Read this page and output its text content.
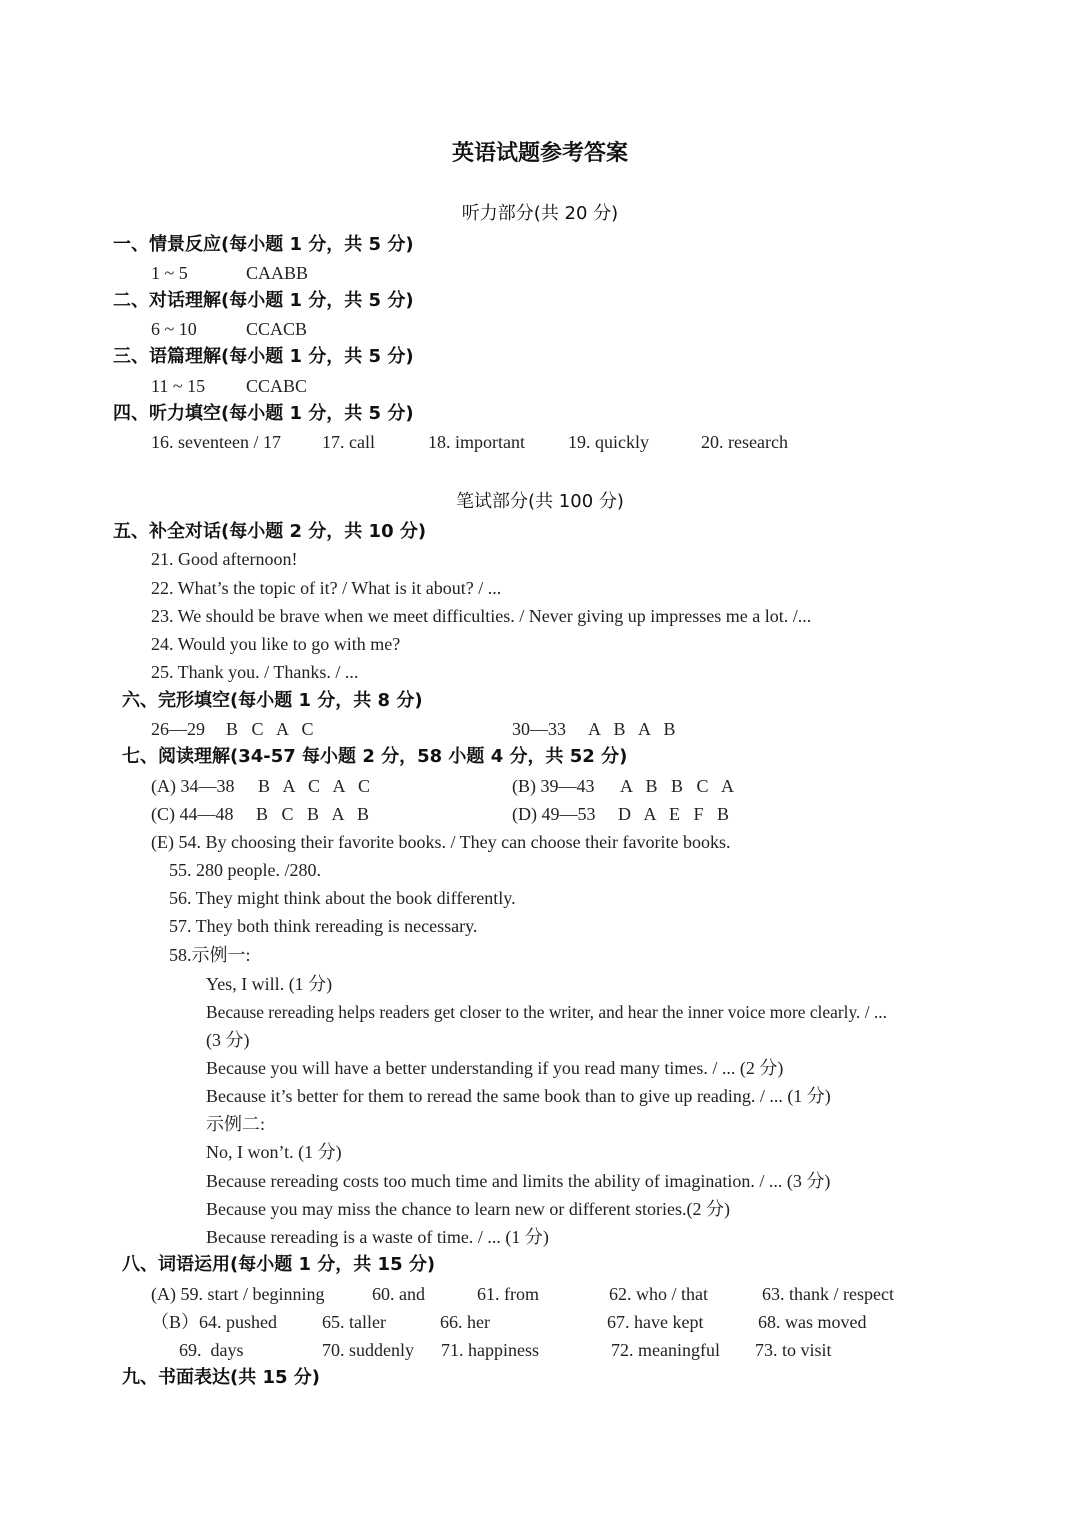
英语试题参考答案
听力部分(共 20 分)
一、情景反应(每小题 1 分，共 5 分)
1 ~ 5	CAABB
二、对话理解(每小题 1 分，共 5 分)
6 ~ 10	CCACB
三、语篇理解(每小题 1 分，共 5 分)
11 ~ 15 CCABC
四、听力填空(每小题 1 分，共 5 分)
16. seventeen / 17 17. call	18. important 19. quickly	20. research
笔试部分(共 100 分)
五、补全对话(每小题 2 分，共 10 分)
21. Good afternoon!
22. What’s the topic of it? / What is it about? / ...
23. We should be brave when we meet difficulties. / Never giving up impresses me a lot. /...
24. Would you like to go with me?
25. Thank you. / Thanks. / ...
六、完形填空(每小题 1 分，共 8 分)
26—29 B   C   A   C	30—33 A   B   A   B
七、阅读理解(34-57 每小题 2 分，58 小题 4 分，共 52 分)
(A) 34—38 B   A   C   A   C	(B) 39—43 A   B   B   C   A
(C) 44—48 B   C   B   A   B	(D) 49—53 D   A   E   F   B
(E) 54. By choosing their favorite books. / They can choose their favorite books.
55. 280 people. /280.
56. They might think about the book differently.
57. They both think rereading is necessary.
58.示例一:
Yes, I will. (1 分)
Because rereading helps readers get closer to the writer, and hear the inner voice more clearly. / ...
(3 分)
Because you will have a better understanding if you read many times. / ... (2 分)
Because it’s better for them to reread the same book than to give up reading. / ... (1 分)
示例二:
No, I won’t. (1 分)
Because rereading costs too much time and limits the ability of imagination. / ... (3 分)
Because you may miss the chance to learn new or different stories.(2 分)
Because rereading is a waste of time. / ... (1 分)
八、词语运用(每小题 1 分，共 15 分)
(A) 59. start / beginning	60. and	61. from	62. who / that	63. thank / respect
（B）64. pushed	65. taller	66. her	67. have kept	68. was moved
69.  days	70. suddenly 71. happiness	72. meaningful 73. to visit
九、书面表达(共 15 分)
